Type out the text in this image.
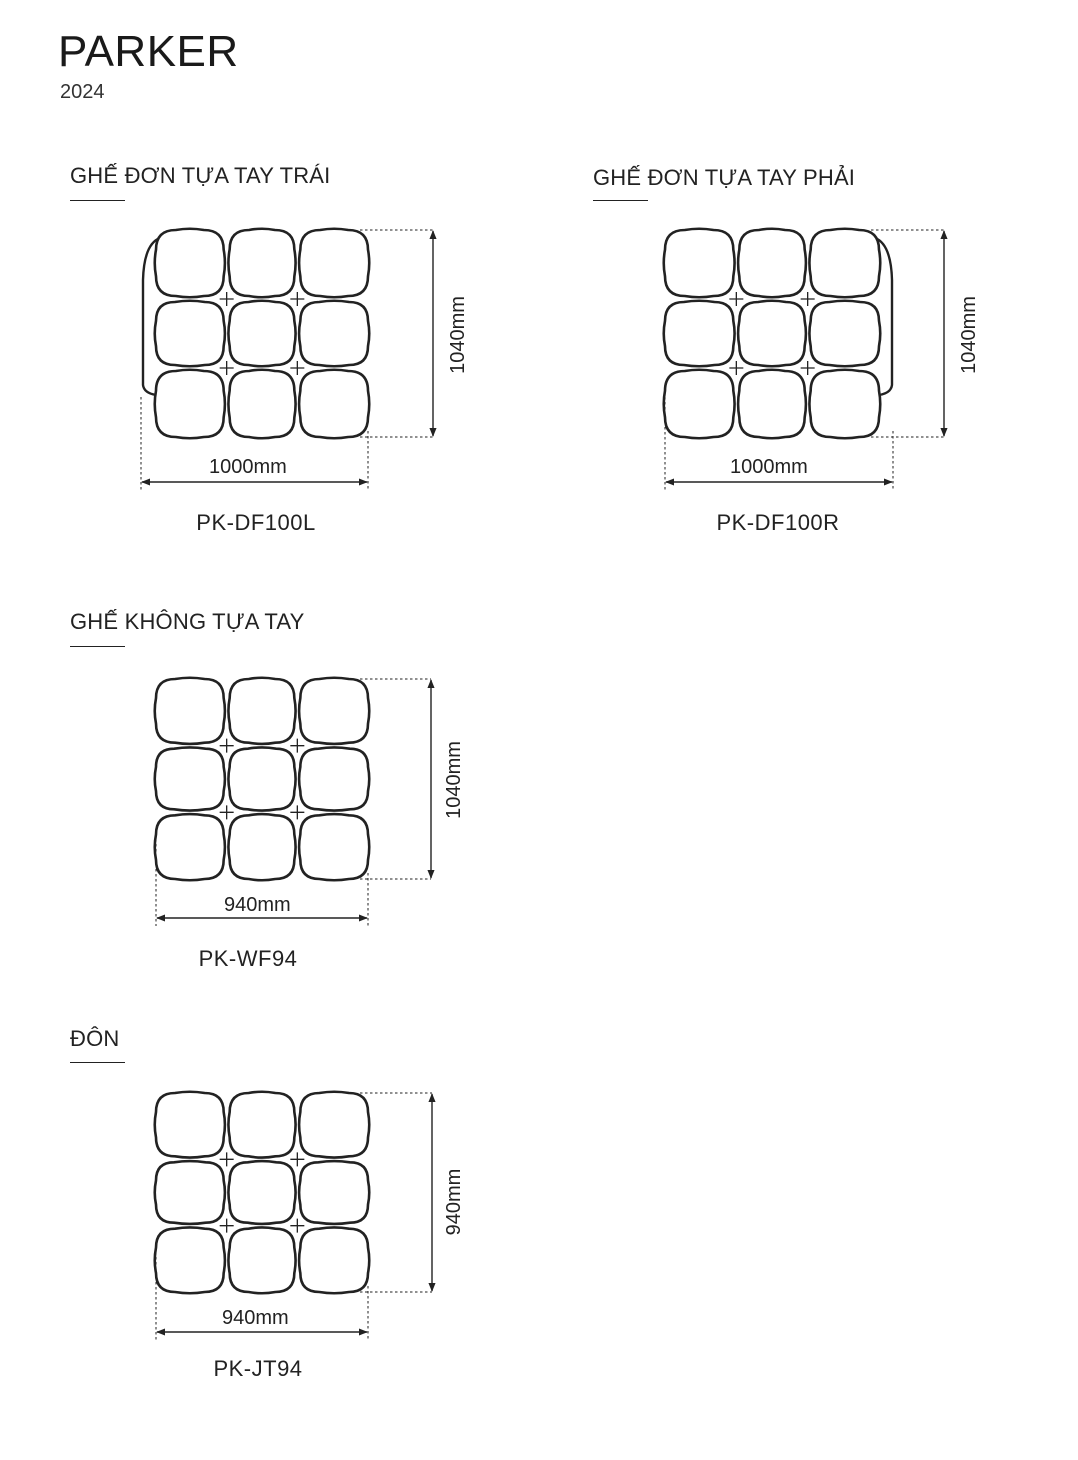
PARKER
2024
GHẾ ĐƠN TỰA TAY TRÁI	GHẾ ĐƠN TỰA TAY PHẢI
GHẾ KHÔNG TỰA TAY
ĐÔN
1000mm
1040mm
PK-DF100L
1000mm
1040mm
PK-DF100R
940mm
1040mm
PK-WF94
940mm
940mm
PK-JT94
